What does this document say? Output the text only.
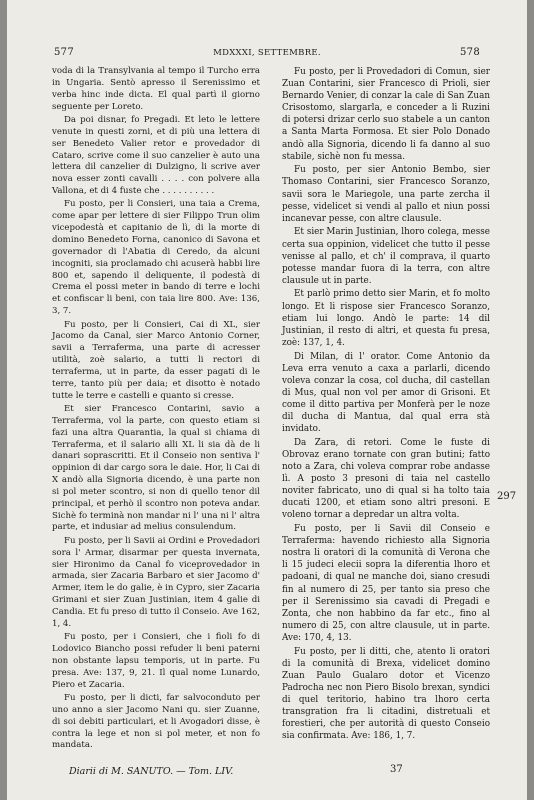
577	MDXXXI, SETTEMBRE.	578

voda di la Transylvania al tempo il Turcho erra in Ungaria. Sentò apresso il Serenissimo et verba hinc inde dicta. El qual partì il giorno seguente per Loreto.

Da poi disnar, fo Pregadi. Et leto le lettere venute in questi zorni, et di più una lettera di ser Benedeto Valier retor e provedador di Cataro, scrive come il suo canzelier è auto una lettera dil canzelier di Dulzigno, li scrive aver nova esser zonti cavalli . . . . con polvere alla Vallona, et di 4 fuste che . . . . . . . . . .

Fu posto, per li Consieri, una taia a Crema, come apar per lettere di sier Filippo Trun olim vicepodestà et capitanio de lì, di la morte di domino Benedeto Forna, canonico di Savona et governador di l'Abatia di Ceredo, da alcuni incogniti, sia proclamado chi acuserà habbi lire 800 et, sapendo il deliquente, il podestà di Crema el possi meter in bando di terre e lochi et confiscar li beni, con taia lire 800. Ave: 136, 3, 7.

Fu posto, per li Consieri, Cai di XL, sier Jacomo da Canal, sier Marco Antonio Corner, savii a Terraferma, una parte di acresser utilità, zoè salario, a tutti li rectori di terraferma, ut in parte, da esser pagati di le terre, tanto più per daia; et disotto è notado tutte le terre e castelli e quanto si cresse.

Et sier Francesco Contarini, savio a Terraferma, vol la parte, con questo etiam si fazi una altra Quarantia, la qual si chiama di Terraferma, et il salario alli XL li sia dà de li danari soprascritti. Et il Conseio non sentiva l' oppinion di dar cargo sora le daie. Hor, li Cai di X andò alla Signoria dicendo, è una parte non si pol meter scontro, si non di quello tenor dil principal, et perhò il scontro non poteva andar. Sichè fo terminà non mandar ni l' una ni l' altra parte, et indusiar ad melius consulendum.

Fu posto, per li Savii ai Ordini e Provedadori sora l' Armar, disarmar per questa invernata, sier Hironimo da Canal fo viceprovedador in armada, sier Zacaria Barbaro et sier Jacomo d' Armer, item le do galie, è in Cypro, sier Zacaria Grimani et sier Zuan Justinian, item 4 galie di Candia. Et fu preso di tutto il Conseio. Ave 162, 1, 4.

Fu posto, per i Consieri, che i fioli fo di Lodovico Biancho possi refuder li beni paterni non obstante lapsu temporis, ut in parte. Fu presa. Ave: 137, 9, 21. Il qual nome Lunardo, Piero et Zacaria.

Fu posto, per li dicti, far salvoconduto per uno anno a sier Jacomo Nani qu. sier Zuanne, di soi debiti particulari, et li Avogadori disse, è contra la lege et non si pol meter, et non fo mandata.

Fu posto, per li Provedadori di Comun, sier Zuan Contarini, sier Francesco di Prioli, sier Bernardo Venier, di conzar la cale di San Zuan Crisostomo, slargarla, e conceder a li Ruzini di potersi drizar cerlo suo stabele a un canton a Santa Marta Formosa. Et sier Polo Donado andò alla Signoria, dicendo li fa danno al suo stabile, sichè non fu messa.

Fu posto, per sier Antonio Bembo, sier Thomaso Contarini, sier Francesco Soranzo, savii sora le Mariegole, una parte zercha il pesse, videlicet si vendi al pallo et niun possi incanevar pesse, con altre clausule.

Et sier Marin Justinian, lhoro colega, messe certa sua oppinion, videlicet che tutto il pesse venisse al pallo, et ch' il comprava, il quarto potesse mandar fuora di la terra, con altre clausule ut in parte.

Et parlò primo detto sier Marin, et fo molto longo. Et li rispose sier Francesco Soranzo, etiam lui longo. Andò le parte: 14 dil Justinian, il resto di altri, et questa fu presa, zoè: 137, 1, 4.

Di Milan, di l' orator. Come Antonio da Leva erra venuto a caxa a parlarli, dicendo voleva conzar la cosa, col ducha, dil castellan di Mus, qual non vol per amor di Grisoni. Et come il ditto partiva per Monferà per le noze dil ducha di Mantua, dal qual erra stà invidato.

Da Zara, di retori. Come le fuste di Obrovaz erano tornate con gran butini; fatto noto a Zara, chi voleva comprar robe andasse lì. A posto 3 presoni di taia nel castello noviter fabricato, uno di qual si ha tolto taia ducati 1200, et etiam sono altri presoni. E voleno tornar a depredar un altra volta.

Fu posto, per li Savii dil Conseio e Terraferma: havendo richiesto alla Signoria nostra li oratori di la comunità di Verona che li 15 judeci elecii sopra la diferentia lhoro et padoani, di qual ne manche doi, siano cresudi fin al numero di 25, per tanto sia preso che per il Serenissimo sia cavadi di Pregadi e Zonta, che non habbino da far etc., fino al numero di 25, con altre clausule, ut in parte. Ave: 170, 4, 13.

Fu posto, per li ditti, che, atento li oratori di la comunità di Brexa, videlicet domino Zuan Paulo Gualaro dotor et Vicenzo Padrocha nec non Piero Bisolo brexan, syndici di quel teritorio, habino tra lhoro certa transgration fra li citadini, distretuali et forestieri, che per autorità di questo Conseio sia confirmata. Ave: 186, 1, 7.

297
Diarii di M. SANUTO. — Tom. LIV.	37
